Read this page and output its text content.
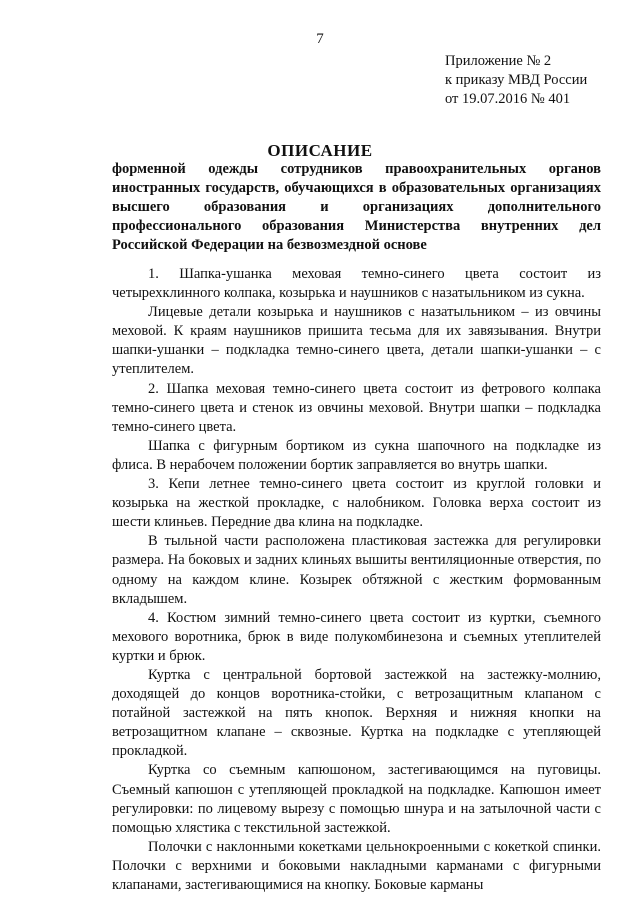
7
Приложение № 2
к приказу МВД России
от 19.07.2016 № 401
ОПИСАНИЕ
форменной одежды сотрудников правоохранительных органов иностранных государств, обучающихся в образовательных организациях высшего образования и организациях дополнительного профессионального образования Министерства внутренних дел Российской Федерации на безвозмездной основе

1. Шапка-ушанка меховая темно-синего цвета состоит из четырехклинного колпака, козырька и наушников с назатыльником из сукна.

Лицевые детали козырька и наушников с назатыльником – из овчины меховой. К краям наушников пришита тесьма для их завязывания. Внутри шапки-ушанки – подкладка темно-синего цвета, детали шапки-ушанки – с утеплителем.

2. Шапка меховая темно-синего цвета состоит из фетрового колпака темно-синего цвета и стенок из овчины меховой. Внутри шапки – подкладка темно-синего цвета.

Шапка с фигурным бортиком из сукна шапочного на подкладке из флиса. В нерабочем положении бортик заправляется во внутрь шапки.

3. Кепи летнее темно-синего цвета состоит из круглой головки и козырька на жесткой прокладке, с налобником. Головка верха состоит из шести клиньев. Передние два клина на подкладке.

В тыльной части расположена пластиковая застежка для регулировки размера. На боковых и задних клиньях вышиты вентиляционные отверстия, по одному на каждом клине. Козырек обтяжной с жестким формованным вкладышем.

4. Костюм зимний темно-синего цвета состоит из куртки, съемного мехового воротника, брюк в виде полукомбинезона и съемных утеплителей куртки и брюк.

Куртка с центральной бортовой застежкой на застежку-молнию, доходящей до концов воротника-стойки, с ветрозащитным клапаном с потайной застежкой на пять кнопок. Верхняя и нижняя кнопки на ветрозащитном клапане – сквозные. Куртка на подкладке с утепляющей прокладкой.

Куртка со съемным капюшоном, застегивающимся на пуговицы. Съемный капюшон с утепляющей прокладкой на подкладке. Капюшон имеет регулировки: по лицевому вырезу с помощью шнура и на затылочной части с помощью хлястика с текстильной застежкой.

Полочки с наклонными кокетками цельнокроенными с кокеткой спинки. Полочки с верхними и боковыми накладными карманами с фигурными клапанами, застегивающимися на кнопку. Боковые карманы
